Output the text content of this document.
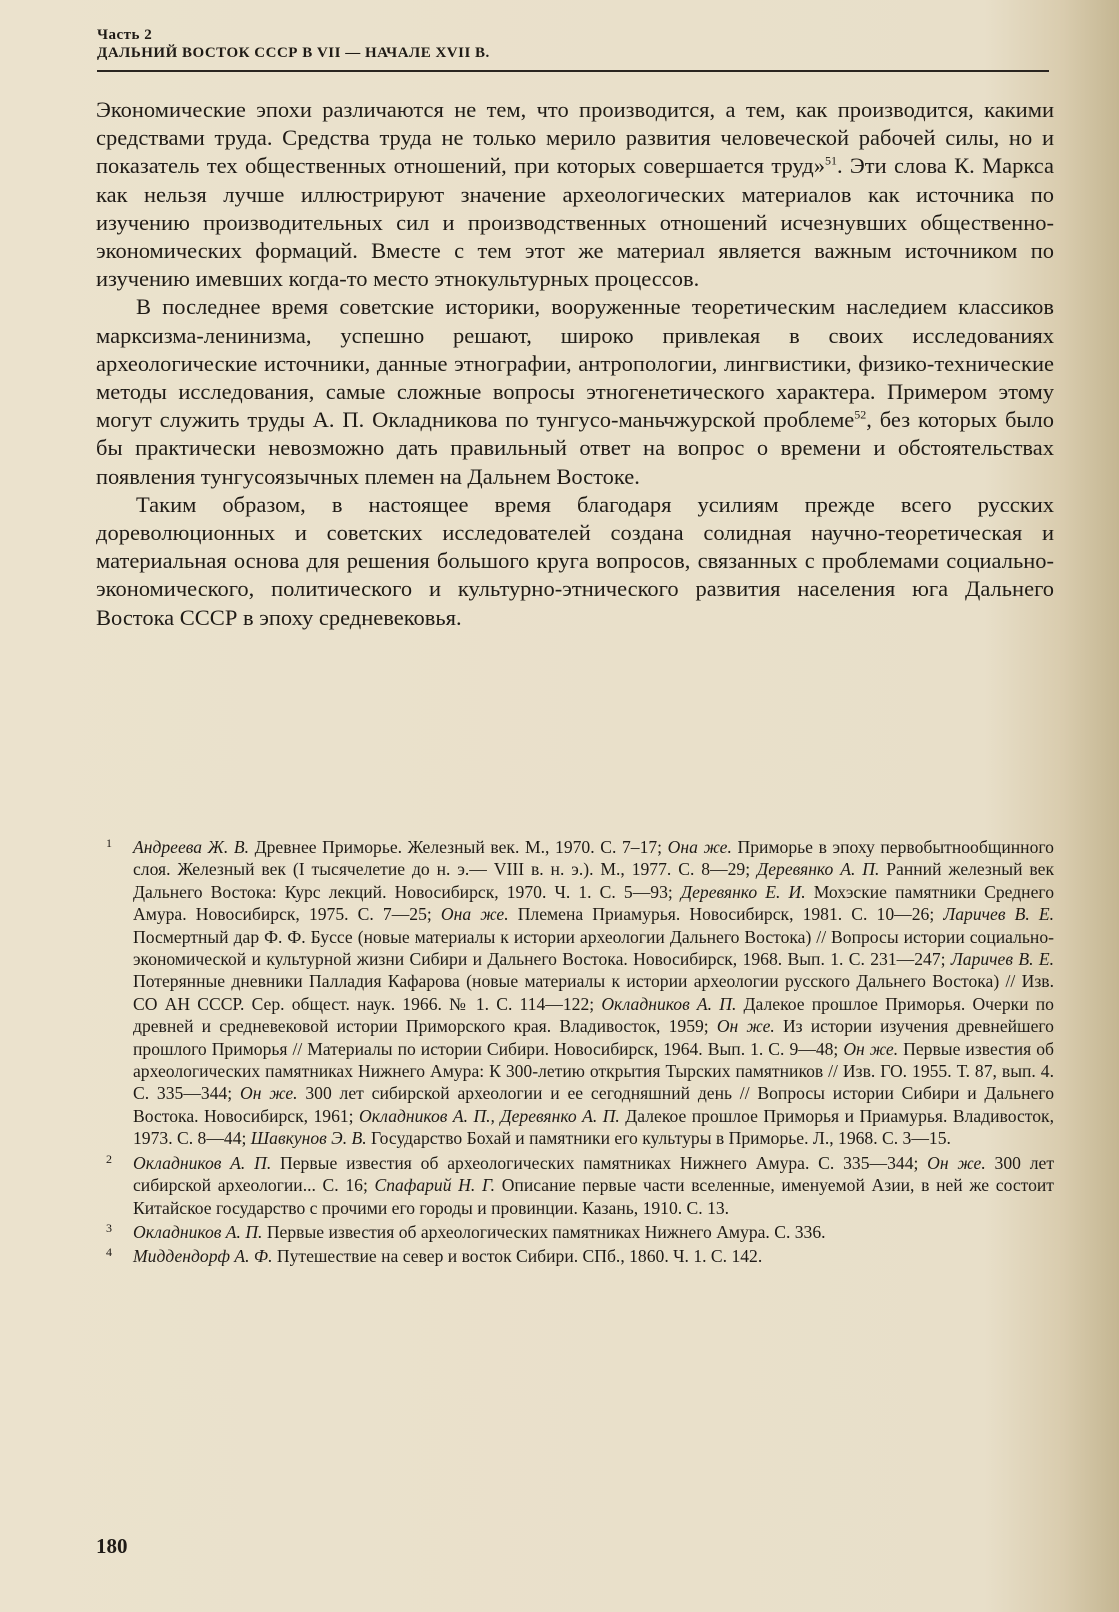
Часть 2
ДАЛЬНИЙ ВОСТОК СССР В VII — НАЧАЛЕ XVII В.

Экономические эпохи различаются не тем, что производится, а тем, как производится, какими средствами труда. Средства труда не только мерило развития человеческой рабочей силы, но и показатель тех общественных отношений, при которых совершается труд»$^{51}$. Эти слова К. Маркса как нельзя лучше иллюстрируют значение археологических материалов как источника по изучению производительных сил и производственных отношений исчезнувших общественно-экономических формаций. Вместе с тем этот же материал является важным источником по изучению имевших когда-то место этнокультурных процессов.

В последнее время советские историки, вооруженные теоретическим наследием классиков марксизма-ленинизма, успешно решают, широко привлекая в своих исследованиях археологические источники, данные этнографии, антропологии, лингвистики, физико-технические методы исследования, самые сложные вопросы этногенетического характера. Примером этому могут служить труды А. П. Окладникова по тунгусо-маньчжурской проблеме$^{52}$, без которых было бы практически невозможно дать правильный ответ на вопрос о времени и обстоятельствах появления тунгусоязычных племен на Дальнем Востоке.

Таким образом, в настоящее время благодаря усилиям прежде всего русских дореволюционных и советских исследователей создана солидная научно-теоретическая и материальная основа для решения большого круга вопросов, связанных с проблемами социально-экономического, политического и культурно-этнического развития населения юга Дальнего Востока СССР в эпоху средневековья.

1 Андреева Ж. В. Древнее Приморье. Железный век. М., 1970. С. 7–17; Она же. Приморье в эпоху первобытнообщинного слоя. Железный век (I тысячелетие до н. э.— VIII в. н. э.). М., 1977. С. 8—29; Деревянко А. П. Ранний железный век Дальнего Востока: Курс лекций. Новосибирск, 1970. Ч. 1. С. 5—93; Деревянко Е. И. Мохэские памятники Среднего Амура. Новосибирск, 1975. С. 7—25; Она же. Племена Приамурья. Новосибирск, 1981. С. 10—26; Ларичев В. Е. Посмертный дар Ф. Ф. Буссе (новые материалы к истории археологии Дальнего Востока) // Вопросы истории социально-экономической и культурной жизни Сибири и Дальнего Востока. Новосибирск, 1968. Вып. 1. С. 231—247; Ларичев В. Е. Потерянные дневники Палладия Кафарова (новые материалы к истории археологии русского Дальнего Востока) // Изв. СО АН СССР. Сер. общест. наук. 1966. № 1. С. 114—122; Окладников А. П. Далекое прошлое Приморья. Очерки по древней и средневековой истории Приморского края. Владивосток, 1959; Он же. Из истории изучения древнейшего прошлого Приморья // Материалы по истории Сибири. Новосибирск, 1964. Вып. 1. С. 9—48; Он же. Первые известия об археологических памятниках Нижнего Амура: К 300-летию открытия Тырских памятников // Изв. ГО. 1955. Т. 87, вып. 4. С. 335—344; Он же. 300 лет сибирской археологии и ее сегодняшний день // Вопросы истории Сибири и Дальнего Востока. Новосибирск, 1961; Окладников А. П., Деревянко А. П. Далекое прошлое Приморья и Приамурья. Владивосток, 1973. С. 8—44; Шавкунов Э. В. Государство Бохай и памятники его культуры в Приморье. Л., 1968. С. 3—15.
2 Окладников А. П. Первые известия об археологических памятниках Нижнего Амура. С. 335—344; Он же. 300 лет сибирской археологии... С. 16; Спафарий Н. Г. Описание первые части вселенные, именуемой Азии, в ней же состоит Китайское государство с прочими его городы и провинции. Казань, 1910. С. 13.
3 Окладников А. П. Первые известия об археологических памятниках Нижнего Амура. С. 336.
4 Миддендорф А. Ф. Путешествие на север и восток Сибири. СПб., 1860. Ч. 1. С. 142.
180
